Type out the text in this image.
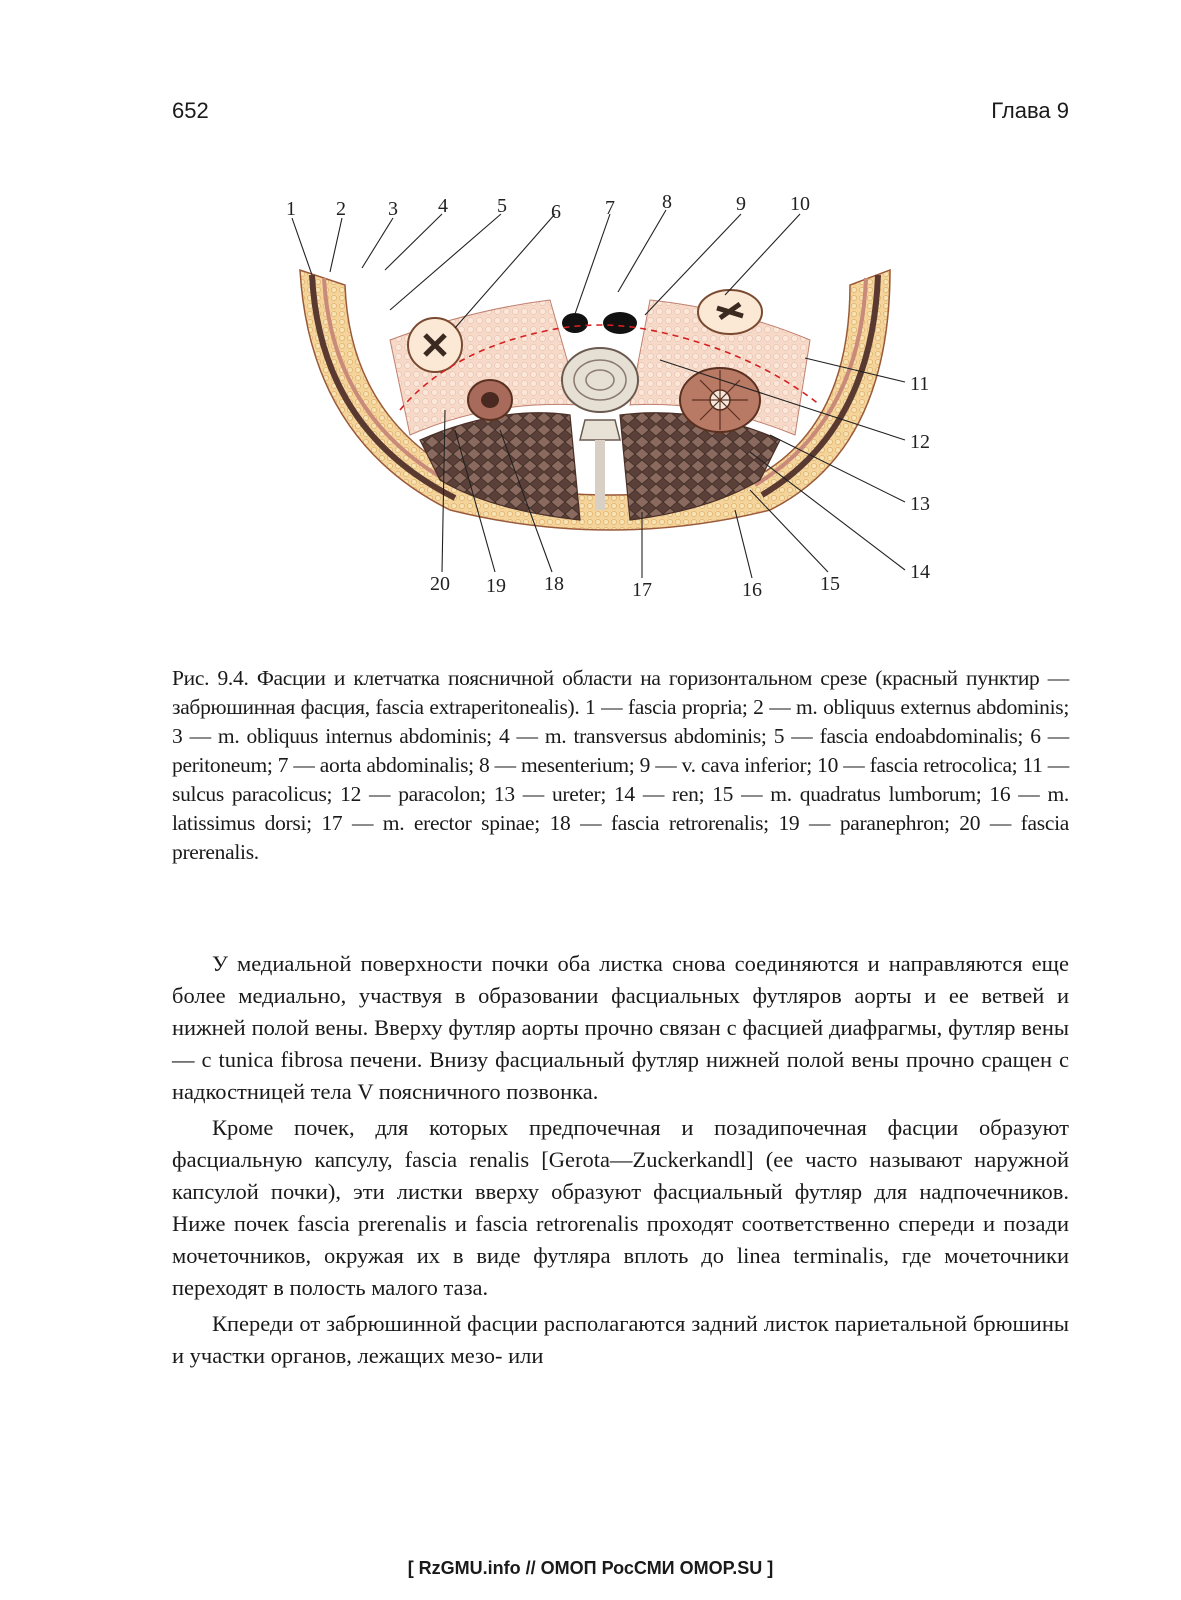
652	Глава 9
1 2 3 4 5 6 7 8	9 10
11
12
13
14
15
16
17
18
19
20

Рис. 9.4. Фасции и клетчатка поясничной области на горизонтальном срезе (красный пунктир — забрюшинная фасция, fascia extraperitonealis). 1 — fascia propria; 2 — m. obliquus externus abdominis; 3 — m. obliquus internus abdominis; 4 — m. transversus abdominis; 5 — fascia endoabdominalis; 6 — peritoneum; 7 — aorta abdominalis; 8 — mesenterium; 9 — v. cava inferior; 10 — fascia retrocolica; 11 — sulcus paracolicus; 12 — paracolon; 13 — ureter; 14 — ren; 15 — m. quadratus lumborum; 16 — m. latissimus dorsi; 17 — m. erector spinae; 18 — fascia retrorenalis; 19 — paranephron; 20 — fascia prerenalis.

У медиальной поверхности почки оба листка снова соединяются и направляются еще более медиально, участвуя в образовании фасциальных футляров аорты и ее ветвей и нижней полой вены. Вверху футляр аорты прочно связан с фасцией диафрагмы, футляр вены — с tunica fibrosa печени. Внизу фасциальный футляр нижней полой вены прочно сращен с надкостницей тела V поясничного позвонка.

Кроме почек, для которых предпочечная и позадипочечная фасции образуют фасциальную капсулу, fascia renalis [Gerota—Zuckerkandl] (ее часто называют наружной капсулой почки), эти листки вверху образуют фасциальный футляр для надпочечников. Ниже почек fascia prerenalis и fascia retrorenalis проходят соответственно спереди и позади мочеточников, окружая их в виде футляра вплоть до linea terminalis, где мочеточники переходят в полость малого таза.

Кпереди от забрюшинной фасции располагаются задний листок париетальной брюшины и участки органов, лежащих мезо- или

[ RzGMU.info // ОМОП РосСМИ OMOP.SU ]
